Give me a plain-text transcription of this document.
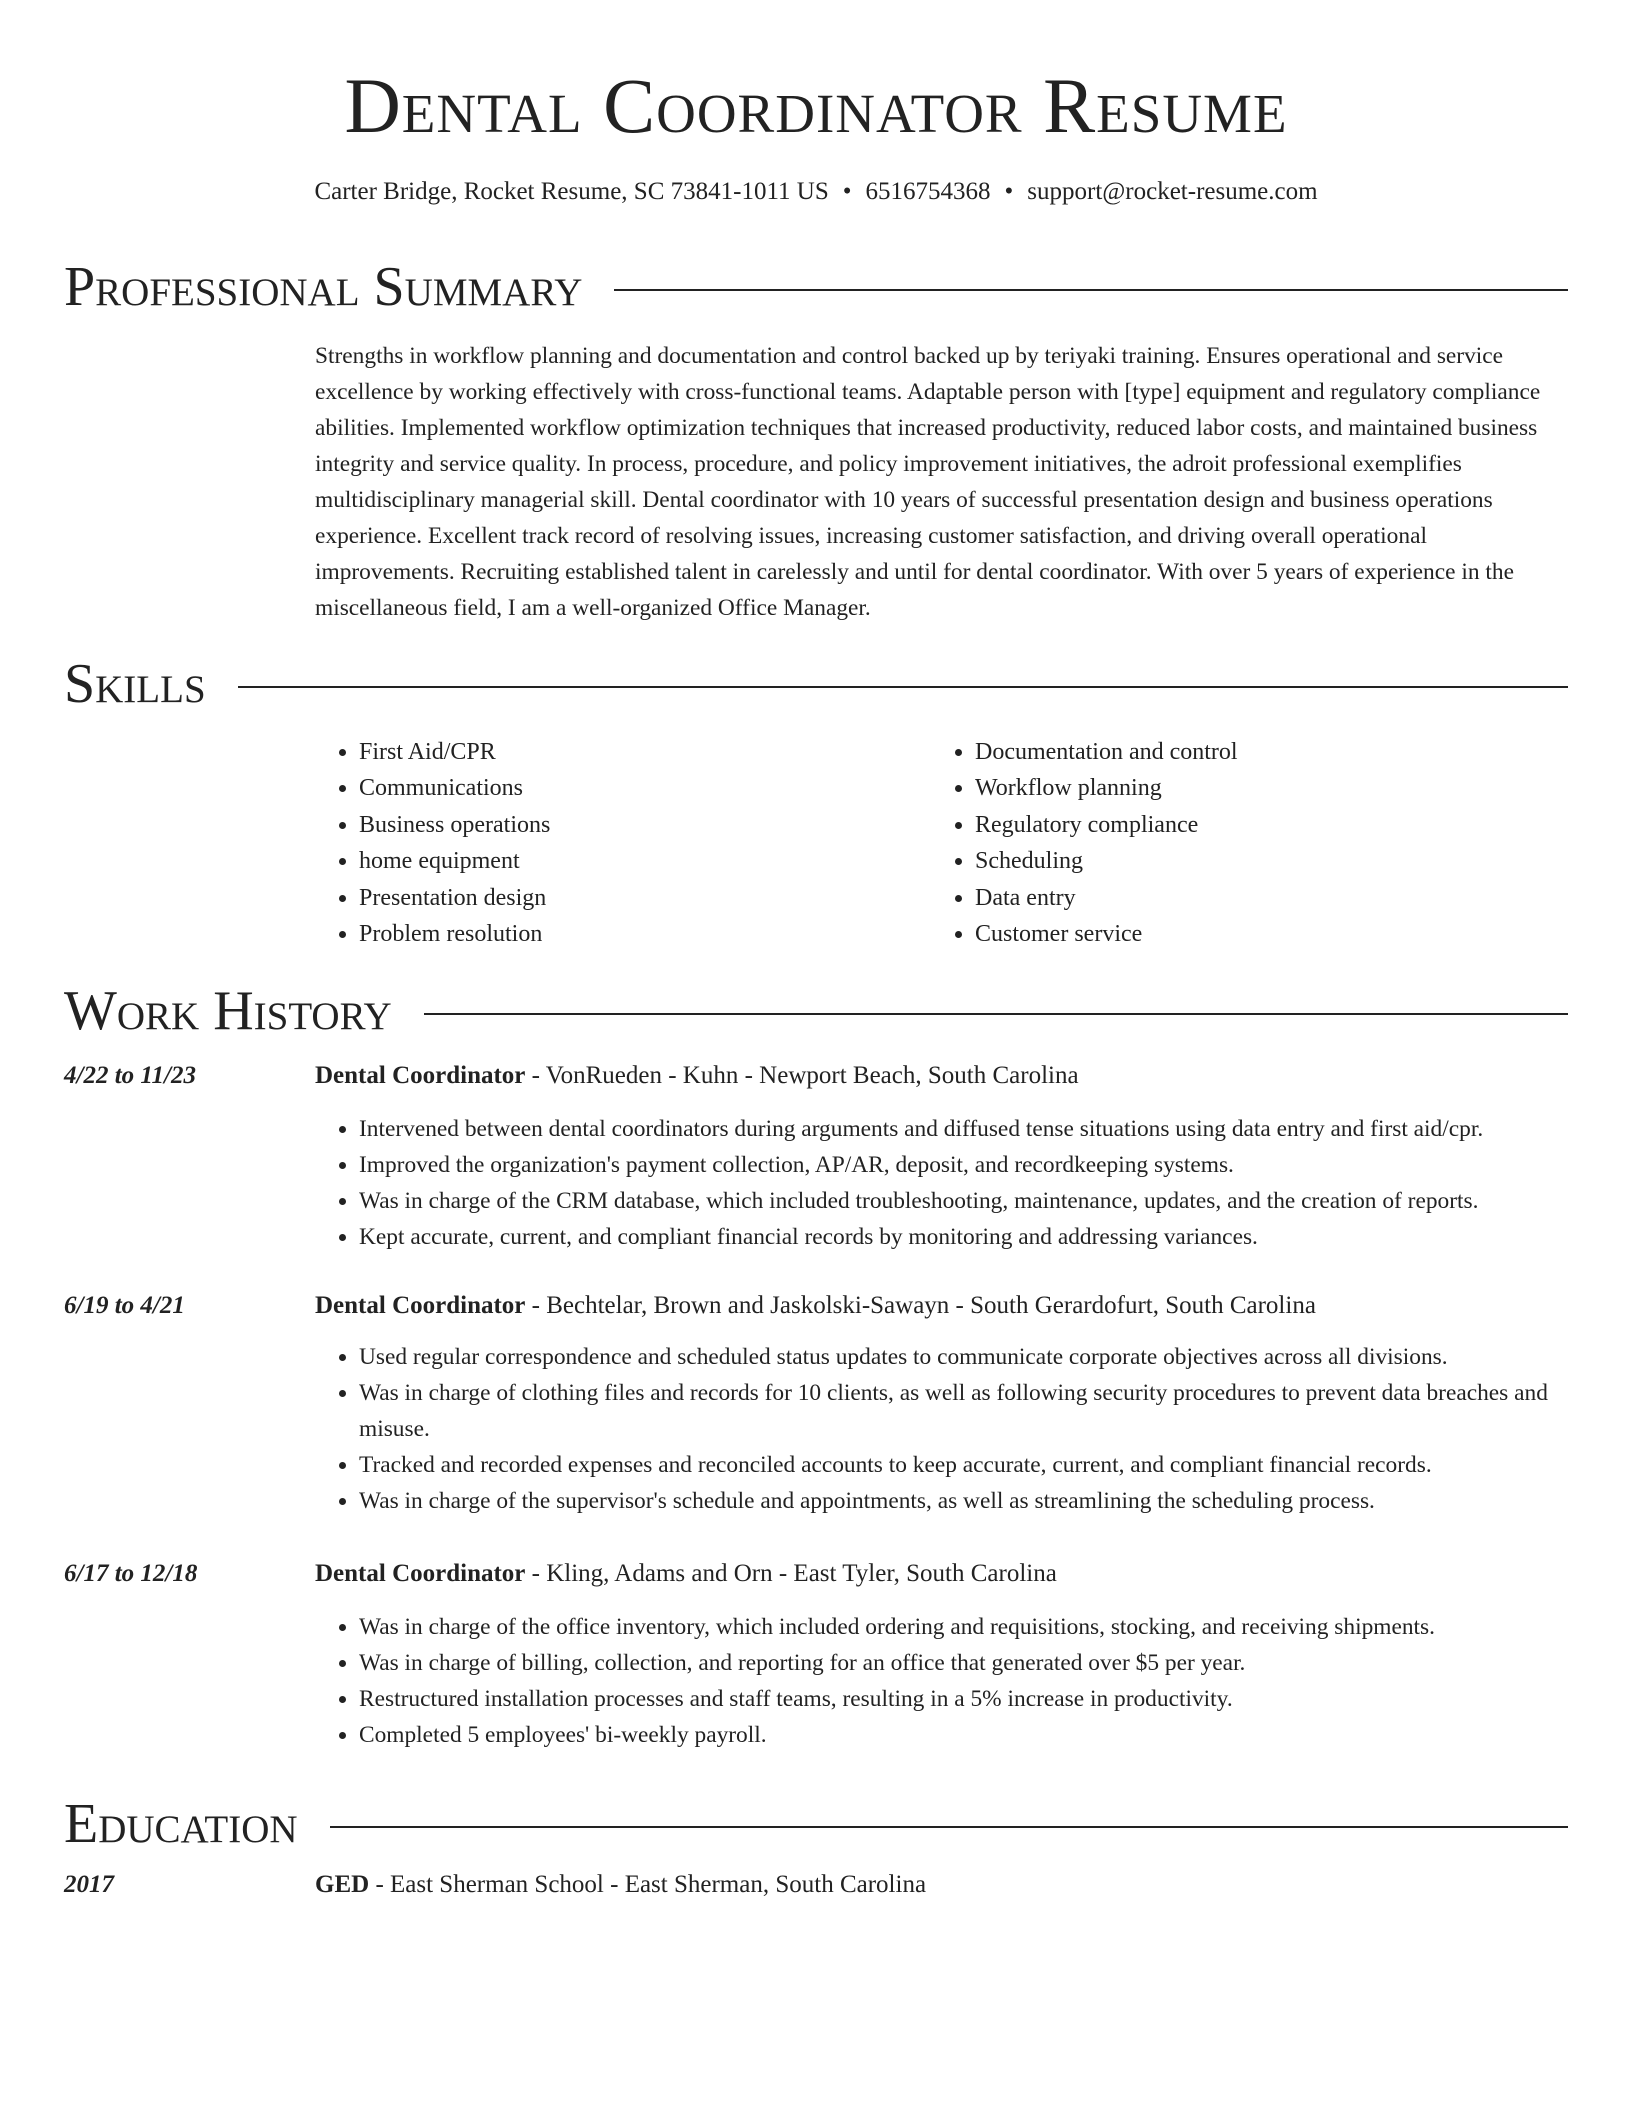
Dental Coordinator Resume
Carter Bridge, Rocket Resume, SC 73841-1011 US • 6516754368 • support@rocket-resume.com
Professional Summary

Strengths in workflow planning and documentation and control backed up by teriyaki training. Ensures operational and service excellence by working effectively with cross-functional teams. Adaptable person with [type] equipment and regulatory compliance abilities. Implemented workflow optimization techniques that increased productivity, reduced labor costs, and maintained business integrity and service quality. In process, procedure, and policy improvement initiatives, the adroit professional exemplifies multidisciplinary managerial skill. Dental coordinator with 10 years of successful presentation design and business operations experience. Excellent track record of resolving issues, increasing customer satisfaction, and driving overall operational improvements. Recruiting established talent in carelessly and until for dental coordinator. With over 5 years of experience in the miscellaneous field, I am a well-organized Office Manager.

Skills
• First Aid/CPR
• Communications
• Business operations
• home equipment
• Presentation design
• Problem resolution
• Documentation and control
• Workflow planning
• Regulatory compliance
• Scheduling
• Data entry
• Customer service
Work History
4/22 to 11/23	Dental Coordinator - VonRueden - Kuhn - Newport Beach, South Carolina
• Intervened between dental coordinators during arguments and diffused tense situations using data entry and first aid/cpr.
• Improved the organization's payment collection, AP/AR, deposit, and recordkeeping systems.
• Was in charge of the CRM database, which included troubleshooting, maintenance, updates, and the creation of reports.
• Kept accurate, current, and compliant financial records by monitoring and addressing variances.
6/19 to 4/21	Dental Coordinator - Bechtelar, Brown and Jaskolski-Sawayn - South Gerardofurt, South Carolina
• Used regular correspondence and scheduled status updates to communicate corporate objectives across all divisions.
• Was in charge of clothing files and records for 10 clients, as well as following security procedures to prevent data breaches and misuse.
• Tracked and recorded expenses and reconciled accounts to keep accurate, current, and compliant financial records.
• Was in charge of the supervisor's schedule and appointments, as well as streamlining the scheduling process.
6/17 to 12/18	Dental Coordinator - Kling, Adams and Orn - East Tyler, South Carolina
• Was in charge of the office inventory, which included ordering and requisitions, stocking, and receiving shipments.
• Was in charge of billing, collection, and reporting for an office that generated over $5 per year.
• Restructured installation processes and staff teams, resulting in a 5% increase in productivity.
• Completed 5 employees' bi-weekly payroll.
Education
2017	GED - East Sherman School - East Sherman, South Carolina
